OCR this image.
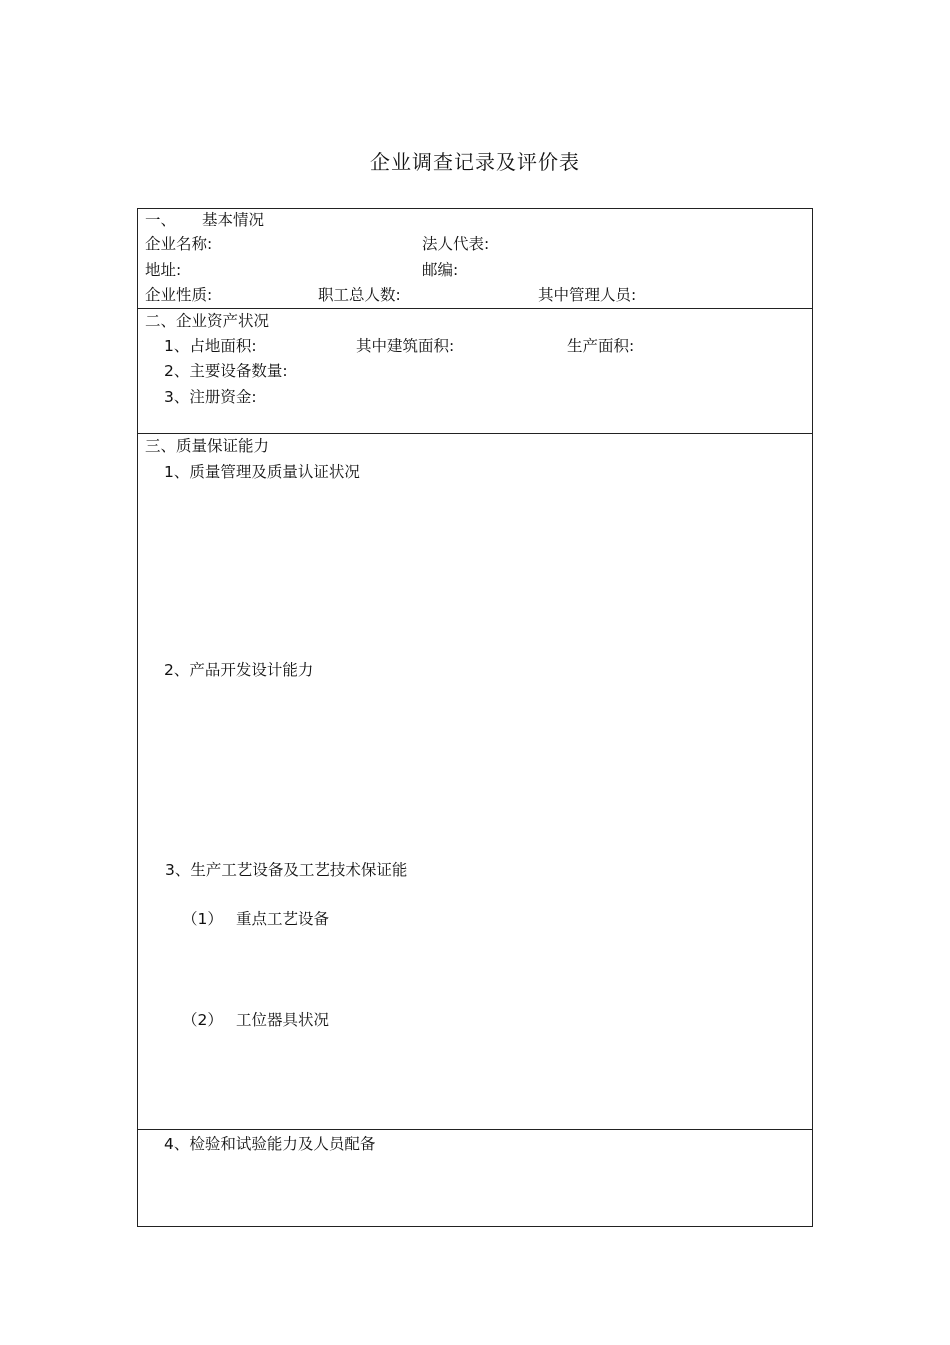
企业调查记录及评价表
一、 基本情况
企业名称:	法人代表:
地址:	邮编:
企业性质:	职工总人数:	其中管理人员:
二、企业资产状况
1、占地面积:	其中建筑面积:	生产面积:
2、主要设备数量:
3、注册资金:
三、质量保证能力
1、质量管理及质量认证状况
2、产品开发设计能力
3、生产工艺设备及工艺技术保证能
（1） 重点工艺设备
（2） 工位器具状况
4、检验和试验能力及人员配备
